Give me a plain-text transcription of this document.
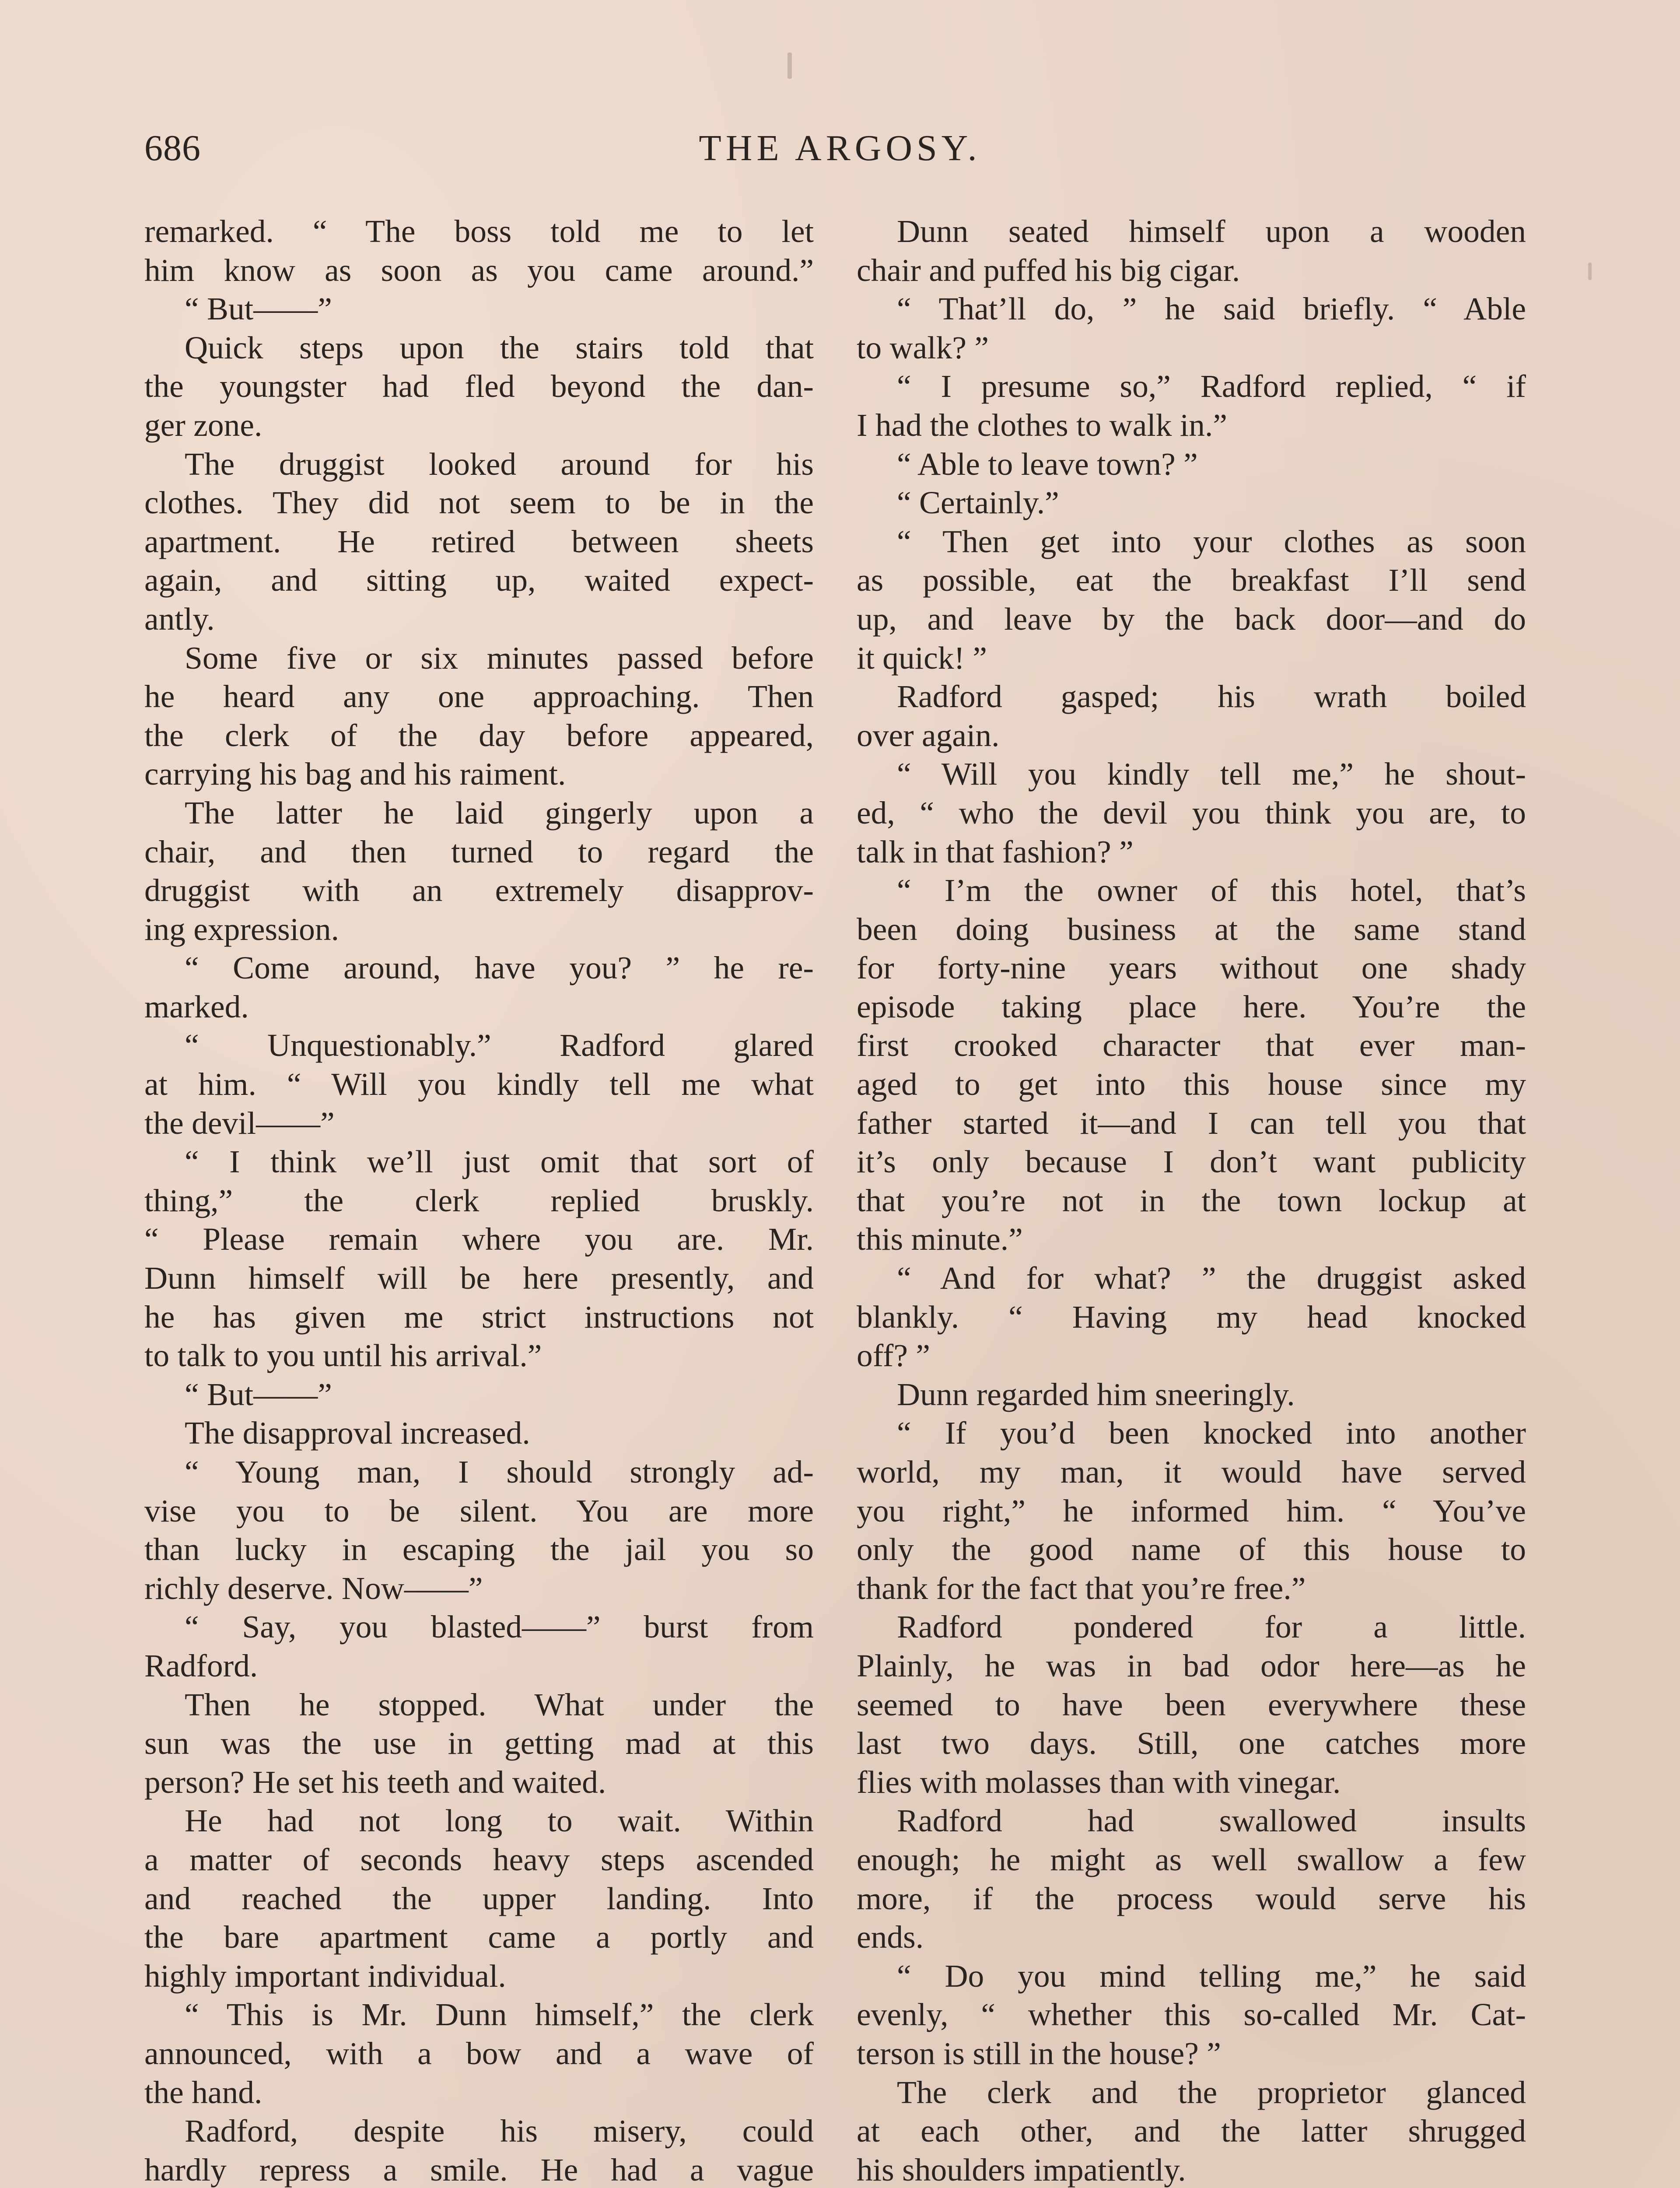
686	THE ARGOSY.
remarked. “ The boss told me to let
him know as soon as you came around.”
“ But——”
Quick steps upon the stairs told that
the youngster had fled beyond the dan-
ger zone.
The druggist looked around for his
clothes. They did not seem to be in the
apartment. He retired between sheets
again, and sitting up, waited expect-
antly.
Some five or six minutes passed before
he heard any one approaching. Then
the clerk of the day before appeared,
carrying his bag and his raiment.
The latter he laid gingerly upon a
chair, and then turned to regard the
druggist with an extremely disapprov-
ing expression.
“ Come around, have you? ” he re-
marked.
“ Unquestionably.” Radford glared
at him. “ Will you kindly tell me what
the devil——”
“ I think we’ll just omit that sort of
thing,” the clerk replied bruskly.
“ Please remain where you are. Mr.
Dunn himself will be here presently, and
he has given me strict instructions not
to talk to you until his arrival.”
“ But——”
The disapproval increased.
“ Young man, I should strongly ad-
vise you to be silent. You are more
than lucky in escaping the jail you so
richly deserve. Now——”
“ Say, you blasted——” burst from
Radford.
Then he stopped. What under the
sun was the use in getting mad at this
person? He set his teeth and waited.
He had not long to wait. Within
a matter of seconds heavy steps ascended
and reached the upper landing. Into
the bare apartment came a portly and
highly important individual.
“ This is Mr. Dunn himself,” the clerk
announced, with a bow and a wave of
the hand.
Radford, despite his misery, could
hardly repress a smile. He had a vague
Dunn seated himself upon a wooden
chair and puffed his big cigar.
“ That’ll do, ” he said briefly. “ Able
to walk? ”
“ I presume so,” Radford replied, “ if
I had the clothes to walk in.”
“ Able to leave town? ”
“ Certainly.”
“ Then get into your clothes as soon
as possible, eat the breakfast I’ll send
up, and leave by the back door—and do
it quick! ”
Radford gasped; his wrath boiled
over again.
“ Will you kindly tell me,” he shout-
ed, “ who the devil you think you are, to
talk in that fashion? ”
“ I’m the owner of this hotel, that’s
been doing business at the same stand
for forty-nine years without one shady
episode taking place here. You’re the
first crooked character that ever man-
aged to get into this house since my
father started it—and I can tell you that
it’s only because I don’t want publicity
that you’re not in the town lockup at
this minute.”
“ And for what? ” the druggist asked
blankly. “ Having my head knocked
off? ”
Dunn regarded him sneeringly.
“ If you’d been knocked into another
world, my man, it would have served
you right,” he informed him. “ You’ve
only the good name of this house to
thank for the fact that you’re free.”
Radford pondered for a little.
Plainly, he was in bad odor here—as he
seemed to have been everywhere these
last two days. Still, one catches more
flies with molasses than with vinegar.
Radford had swallowed insults
enough; he might as well swallow a few
more, if the process would serve his
ends.
“ Do you mind telling me,” he said
evenly, “ whether this so-called Mr. Cat-
terson is still in the house? ”
The clerk and the proprietor glanced
at each other, and the latter shrugged
his shoulders impatiently.
